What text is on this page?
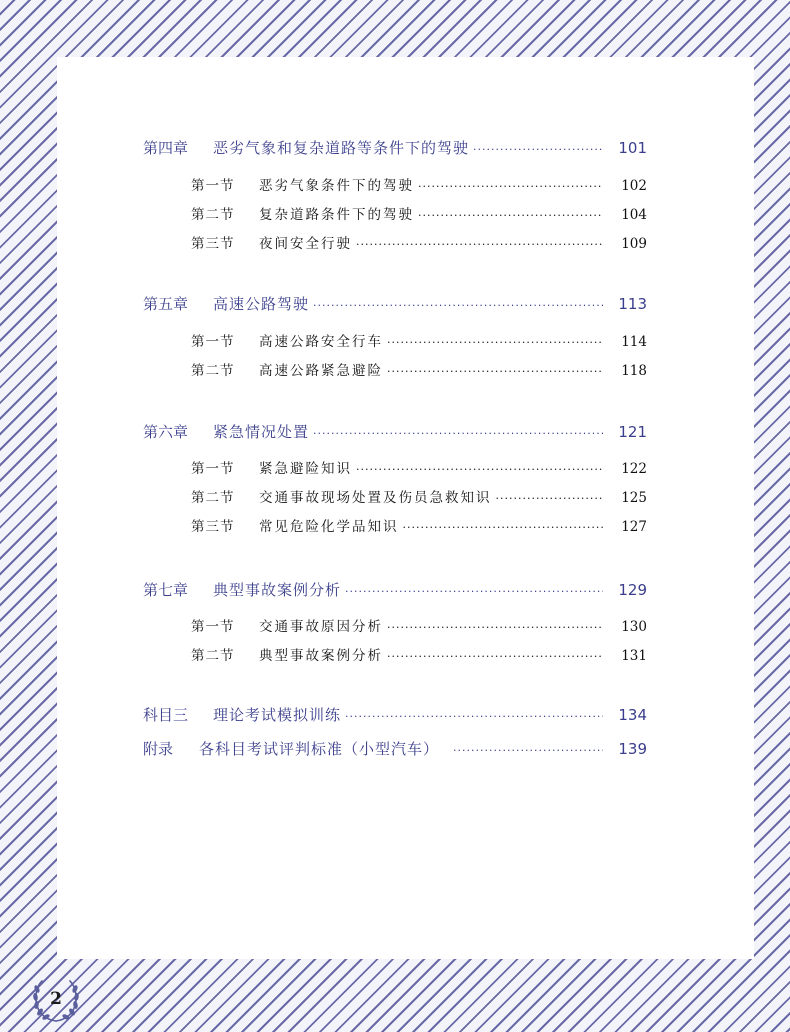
第四章	恶劣气象和复杂道路等条件下的驾驶 ·····	101
第一节	恶劣气象条件下的驾驶 ·····	102
第二节	复杂道路条件下的驾驶 ·····	104
第三节	夜间安全行驶 ·····	109
第五章	高速公路驾驶 ·····	113
第一节	高速公路安全行车 ·····	114
第二节	高速公路紧急避险 ·····	118
第六章	紧急情况处置 ·····	121
第一节	紧急避险知识 ·····	122
第二节	交通事故现场处置及伤员急救知识 ·····	125
第三节	常见危险化学品知识 ·····	127
第七章	典型事故案例分析 ·····	129
第一节	交通事故原因分析 ·····	130
第二节	典型事故案例分析 ·····	131
科目三	理论考试模拟训练 ·····	134
附录	各科目考试评判标准（小型汽车） ·····	139
2
